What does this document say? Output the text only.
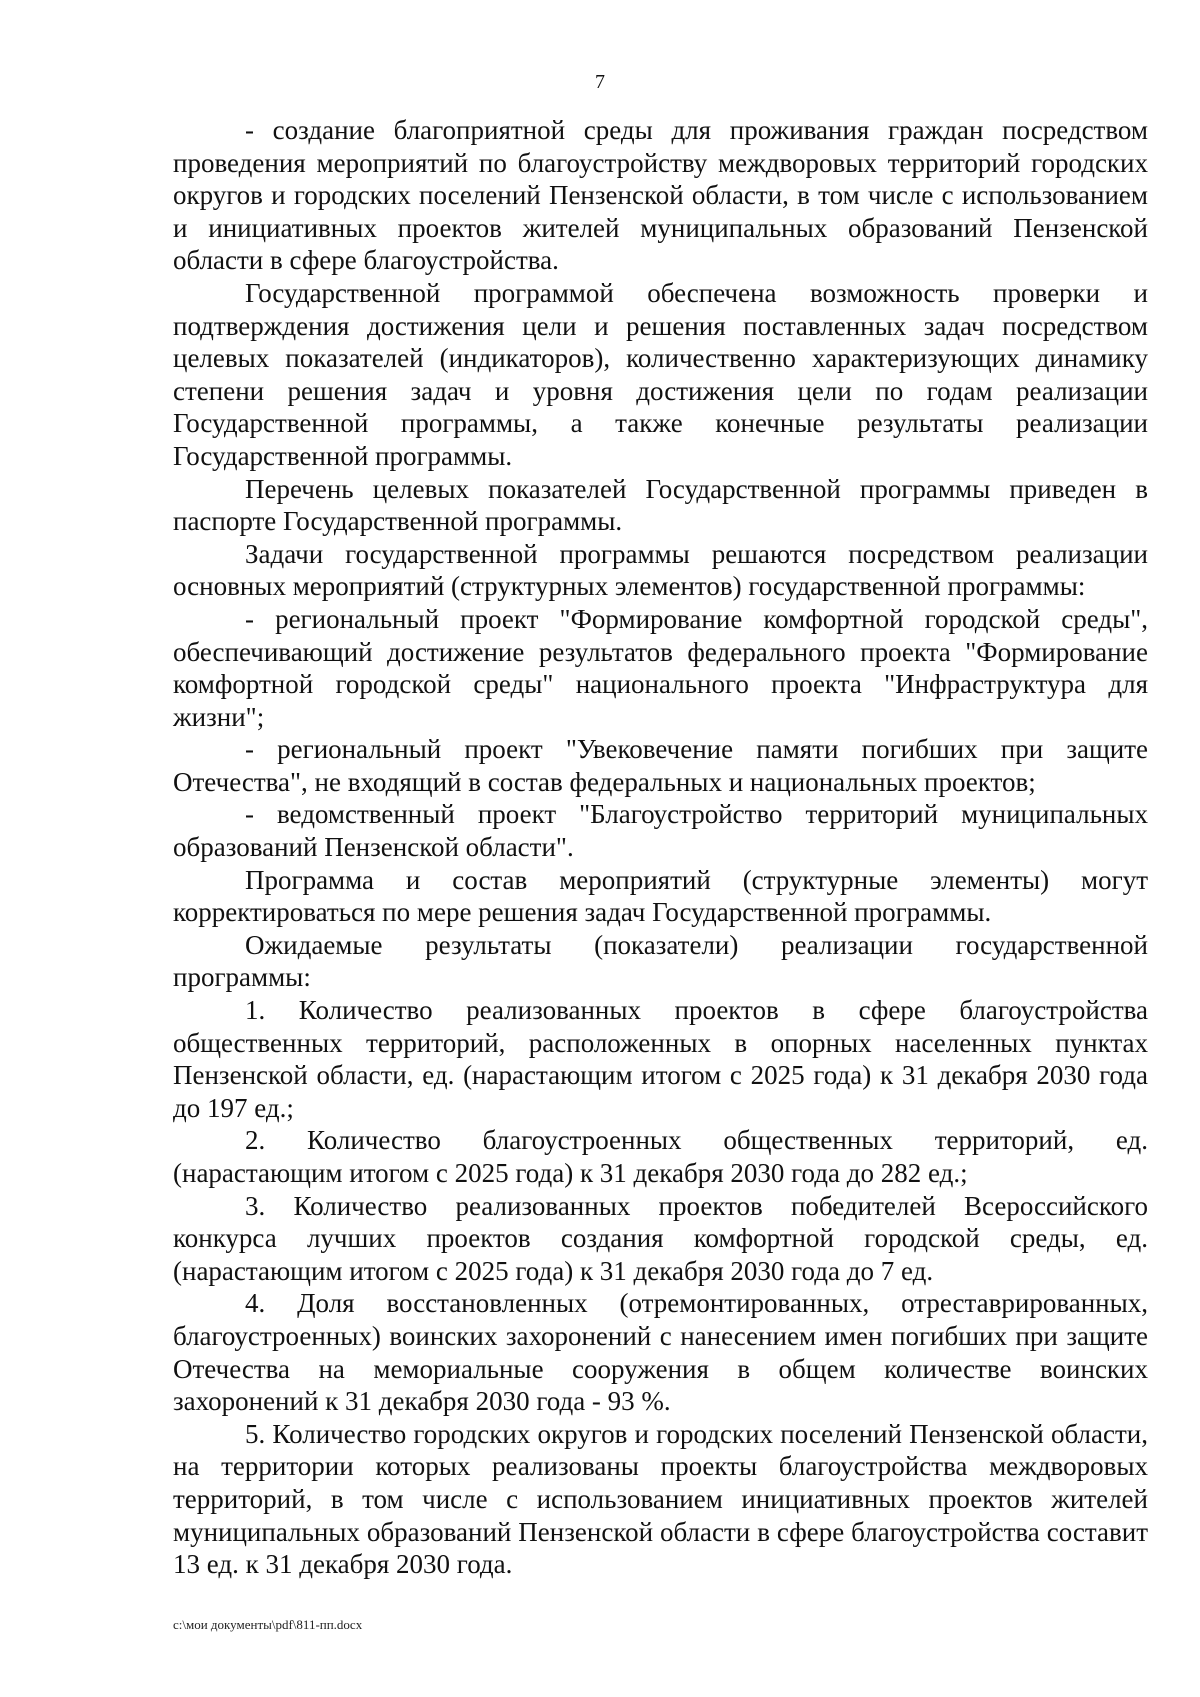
7

- создание благоприятной среды для проживания граждан посредством проведения мероприятий по благоустройству междворовых территорий городских округов и городских поселений Пензенской области, в том числе с использованием и инициативных проектов жителей муниципальных образований Пензенской области в сфере благоустройства.

Государственной программой обеспечена возможность проверки и подтверждения достижения цели и решения поставленных задач посредством целевых показателей (индикаторов), количественно характеризующих динамику степени решения задач и уровня достижения цели по годам реализации Государственной программы, а также конечные результаты реализации Государственной программы.

Перечень целевых показателей Государственной программы приведен в паспорте Государственной программы.

Задачи государственной программы решаются посредством реализации основных мероприятий (структурных элементов) государственной программы:

- региональный проект "Формирование комфортной городской среды", обеспечивающий достижение результатов федерального проекта "Формирование комфортной городской среды" национального проекта "Инфраструктура для жизни";

- региональный проект "Увековечение памяти погибших при защите Отечества", не входящий в состав федеральных и национальных проектов;

- ведомственный проект "Благоустройство территорий муниципальных образований Пензенской области".

Программа и состав мероприятий (структурные элементы) могут корректироваться по мере решения задач Государственной программы.

Ожидаемые результаты (показатели) реализации государственной программы:

1. Количество реализованных проектов в сфере благоустройства общественных территорий, расположенных в опорных населенных пунктах Пензенской области, ед. (нарастающим итогом с 2025 года) к 31 декабря 2030 года до 197 ед.;

2. Количество благоустроенных общественных территорий, ед. (нарастающим итогом с 2025 года) к 31 декабря 2030 года до 282 ед.;

3. Количество реализованных проектов победителей Всероссийского конкурса лучших проектов создания комфортной городской среды, ед. (нарастающим итогом с 2025 года) к 31 декабря 2030 года до 7 ед.

4. Доля восстановленных (отремонтированных, отреставрированных, благоустроенных) воинских захоронений с нанесением имен погибших при защите Отечества на мемориальные сооружения в общем количестве воинских захоронений к 31 декабря 2030 года - 93 %.

5. Количество городских округов и городских поселений Пензенской области, на территории которых реализованы проекты благоустройства междворовых территорий, в том числе с использованием инициативных проектов жителей муниципальных образований Пензенской области в сфере благоустройства составит 13 ед. к 31 декабря 2030 года.

c:\мои документы\pdf\811-пп.docx
